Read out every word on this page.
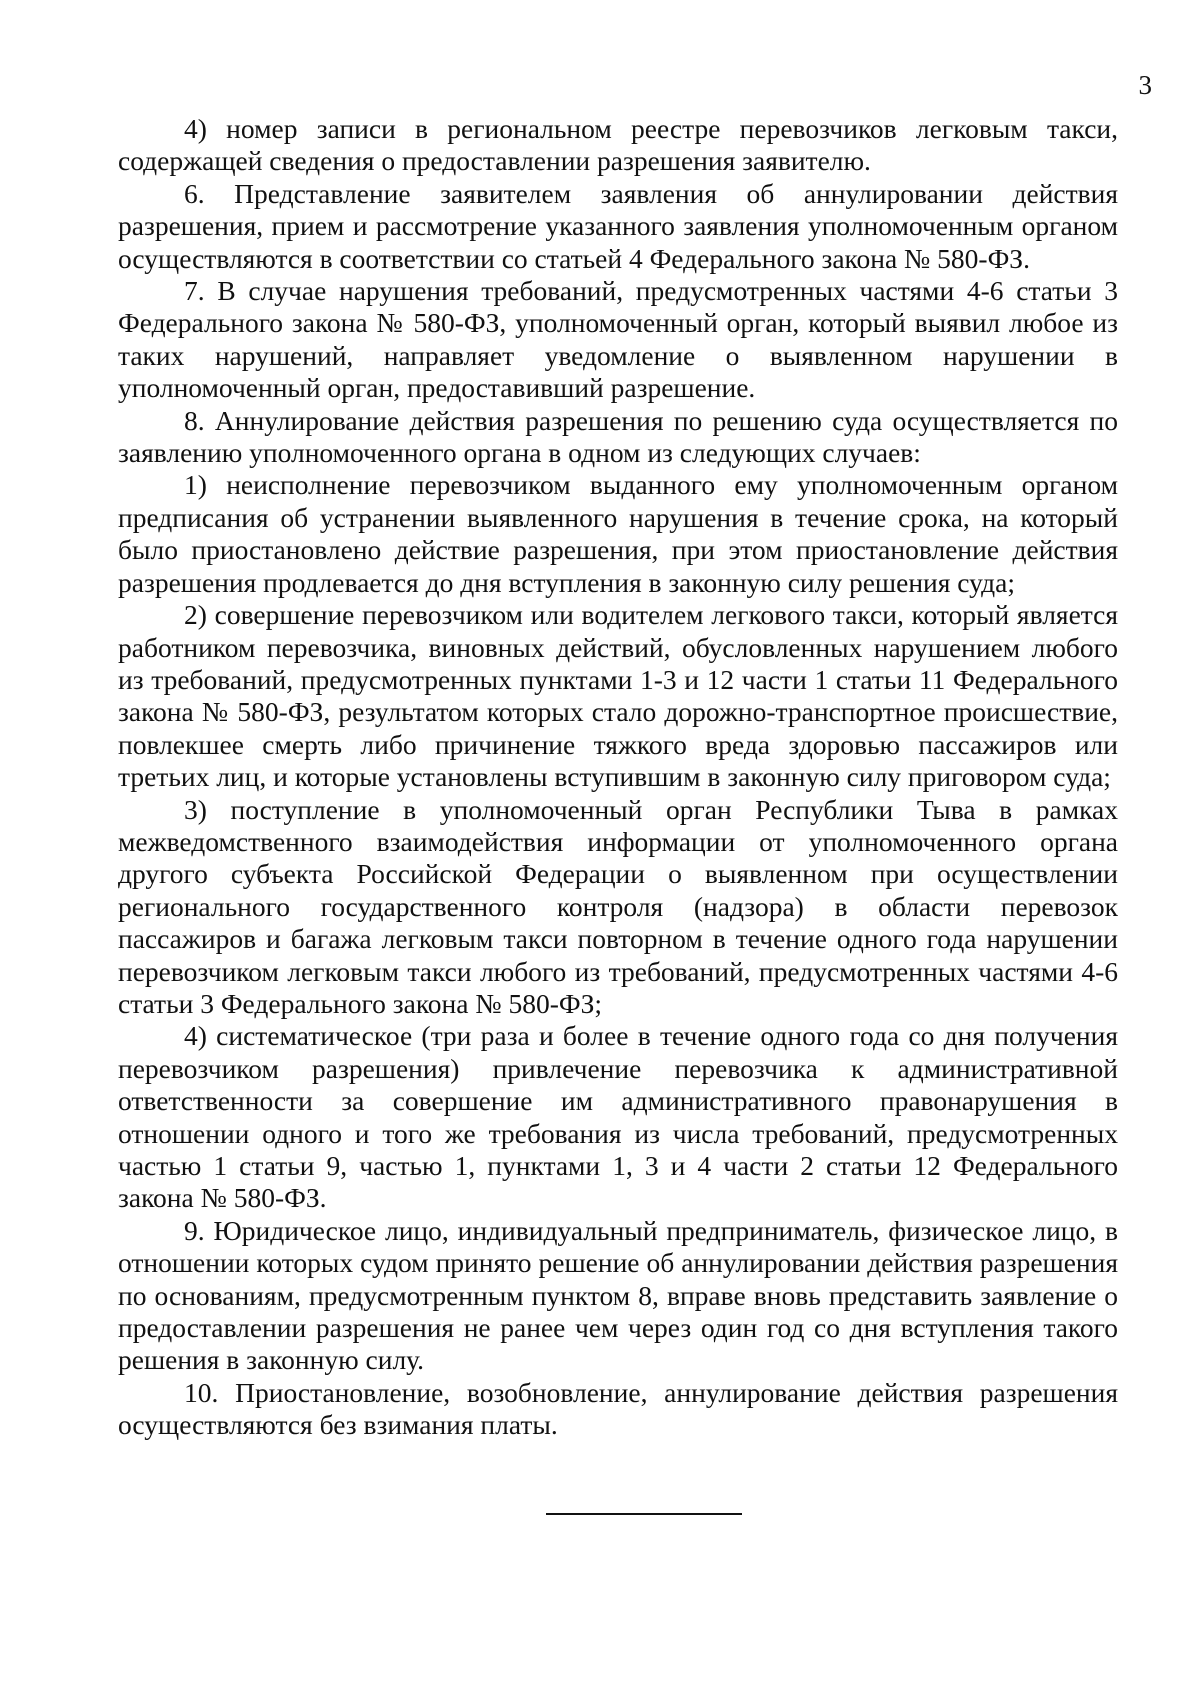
3

4) номер записи в региональном реестре перевозчиков легковым такси, содержащей сведения о предоставлении разрешения заявителю.

6. Представление заявителем заявления об аннулировании действия разрешения, прием и рассмотрение указанного заявления уполномоченным органом осуществляются в соответствии со статьей 4 Федерального закона № 580-ФЗ.

7. В случае нарушения требований, предусмотренных частями 4-6 статьи 3 Федерального закона № 580-ФЗ, уполномоченный орган, который выявил любое из таких нарушений, направляет уведомление о выявленном нарушении в уполномоченный орган, предоставивший разрешение.

8. Аннулирование действия разрешения по решению суда осуществляется по заявлению уполномоченного органа в одном из следующих случаев:

1) неисполнение перевозчиком выданного ему уполномоченным органом предписания об устранении выявленного нарушения в течение срока, на который было приостановлено действие разрешения, при этом приостановление действия разрешения продлевается до дня вступления в законную силу решения суда;

2) совершение перевозчиком или водителем легкового такси, который является работником перевозчика, виновных действий, обусловленных нарушением любого из требований, предусмотренных пунктами 1-3 и 12 части 1 статьи 11 Федерального закона № 580-ФЗ, результатом которых стало дорожно-транспортное происшествие, повлекшее смерть либо причинение тяжкого вреда здоровью пассажиров или третьих лиц, и которые установлены вступившим в законную силу приговором суда;

3) поступление в уполномоченный орган Республики Тыва в рамках межведомственного взаимодействия информации от уполномоченного органа другого субъекта Российской Федерации о выявленном при осуществлении регионального государственного контроля (надзора) в области перевозок пассажиров и багажа легковым такси повторном в течение одного года нарушении перевозчиком легковым такси любого из требований, предусмотренных частями 4-6 статьи 3 Федерального закона № 580-ФЗ;

4) систематическое (три раза и более в течение одного года со дня получения перевозчиком разрешения) привлечение перевозчика к административной ответственности за совершение им административного правонарушения в отношении одного и того же требования из числа требований, предусмотренных частью 1 статьи 9, частью 1, пунктами 1, 3 и 4 части 2 статьи 12 Федерального закона № 580-ФЗ.

9. Юридическое лицо, индивидуальный предприниматель, физическое лицо, в отношении которых судом принято решение об аннулировании действия разрешения по основаниям, предусмотренным пунктом 8, вправе вновь представить заявление о предоставлении разрешения не ранее чем через один год со дня вступления такого решения в законную силу.

10. Приостановление, возобновление, аннулирование действия разрешения осуществляются без взимания платы.
